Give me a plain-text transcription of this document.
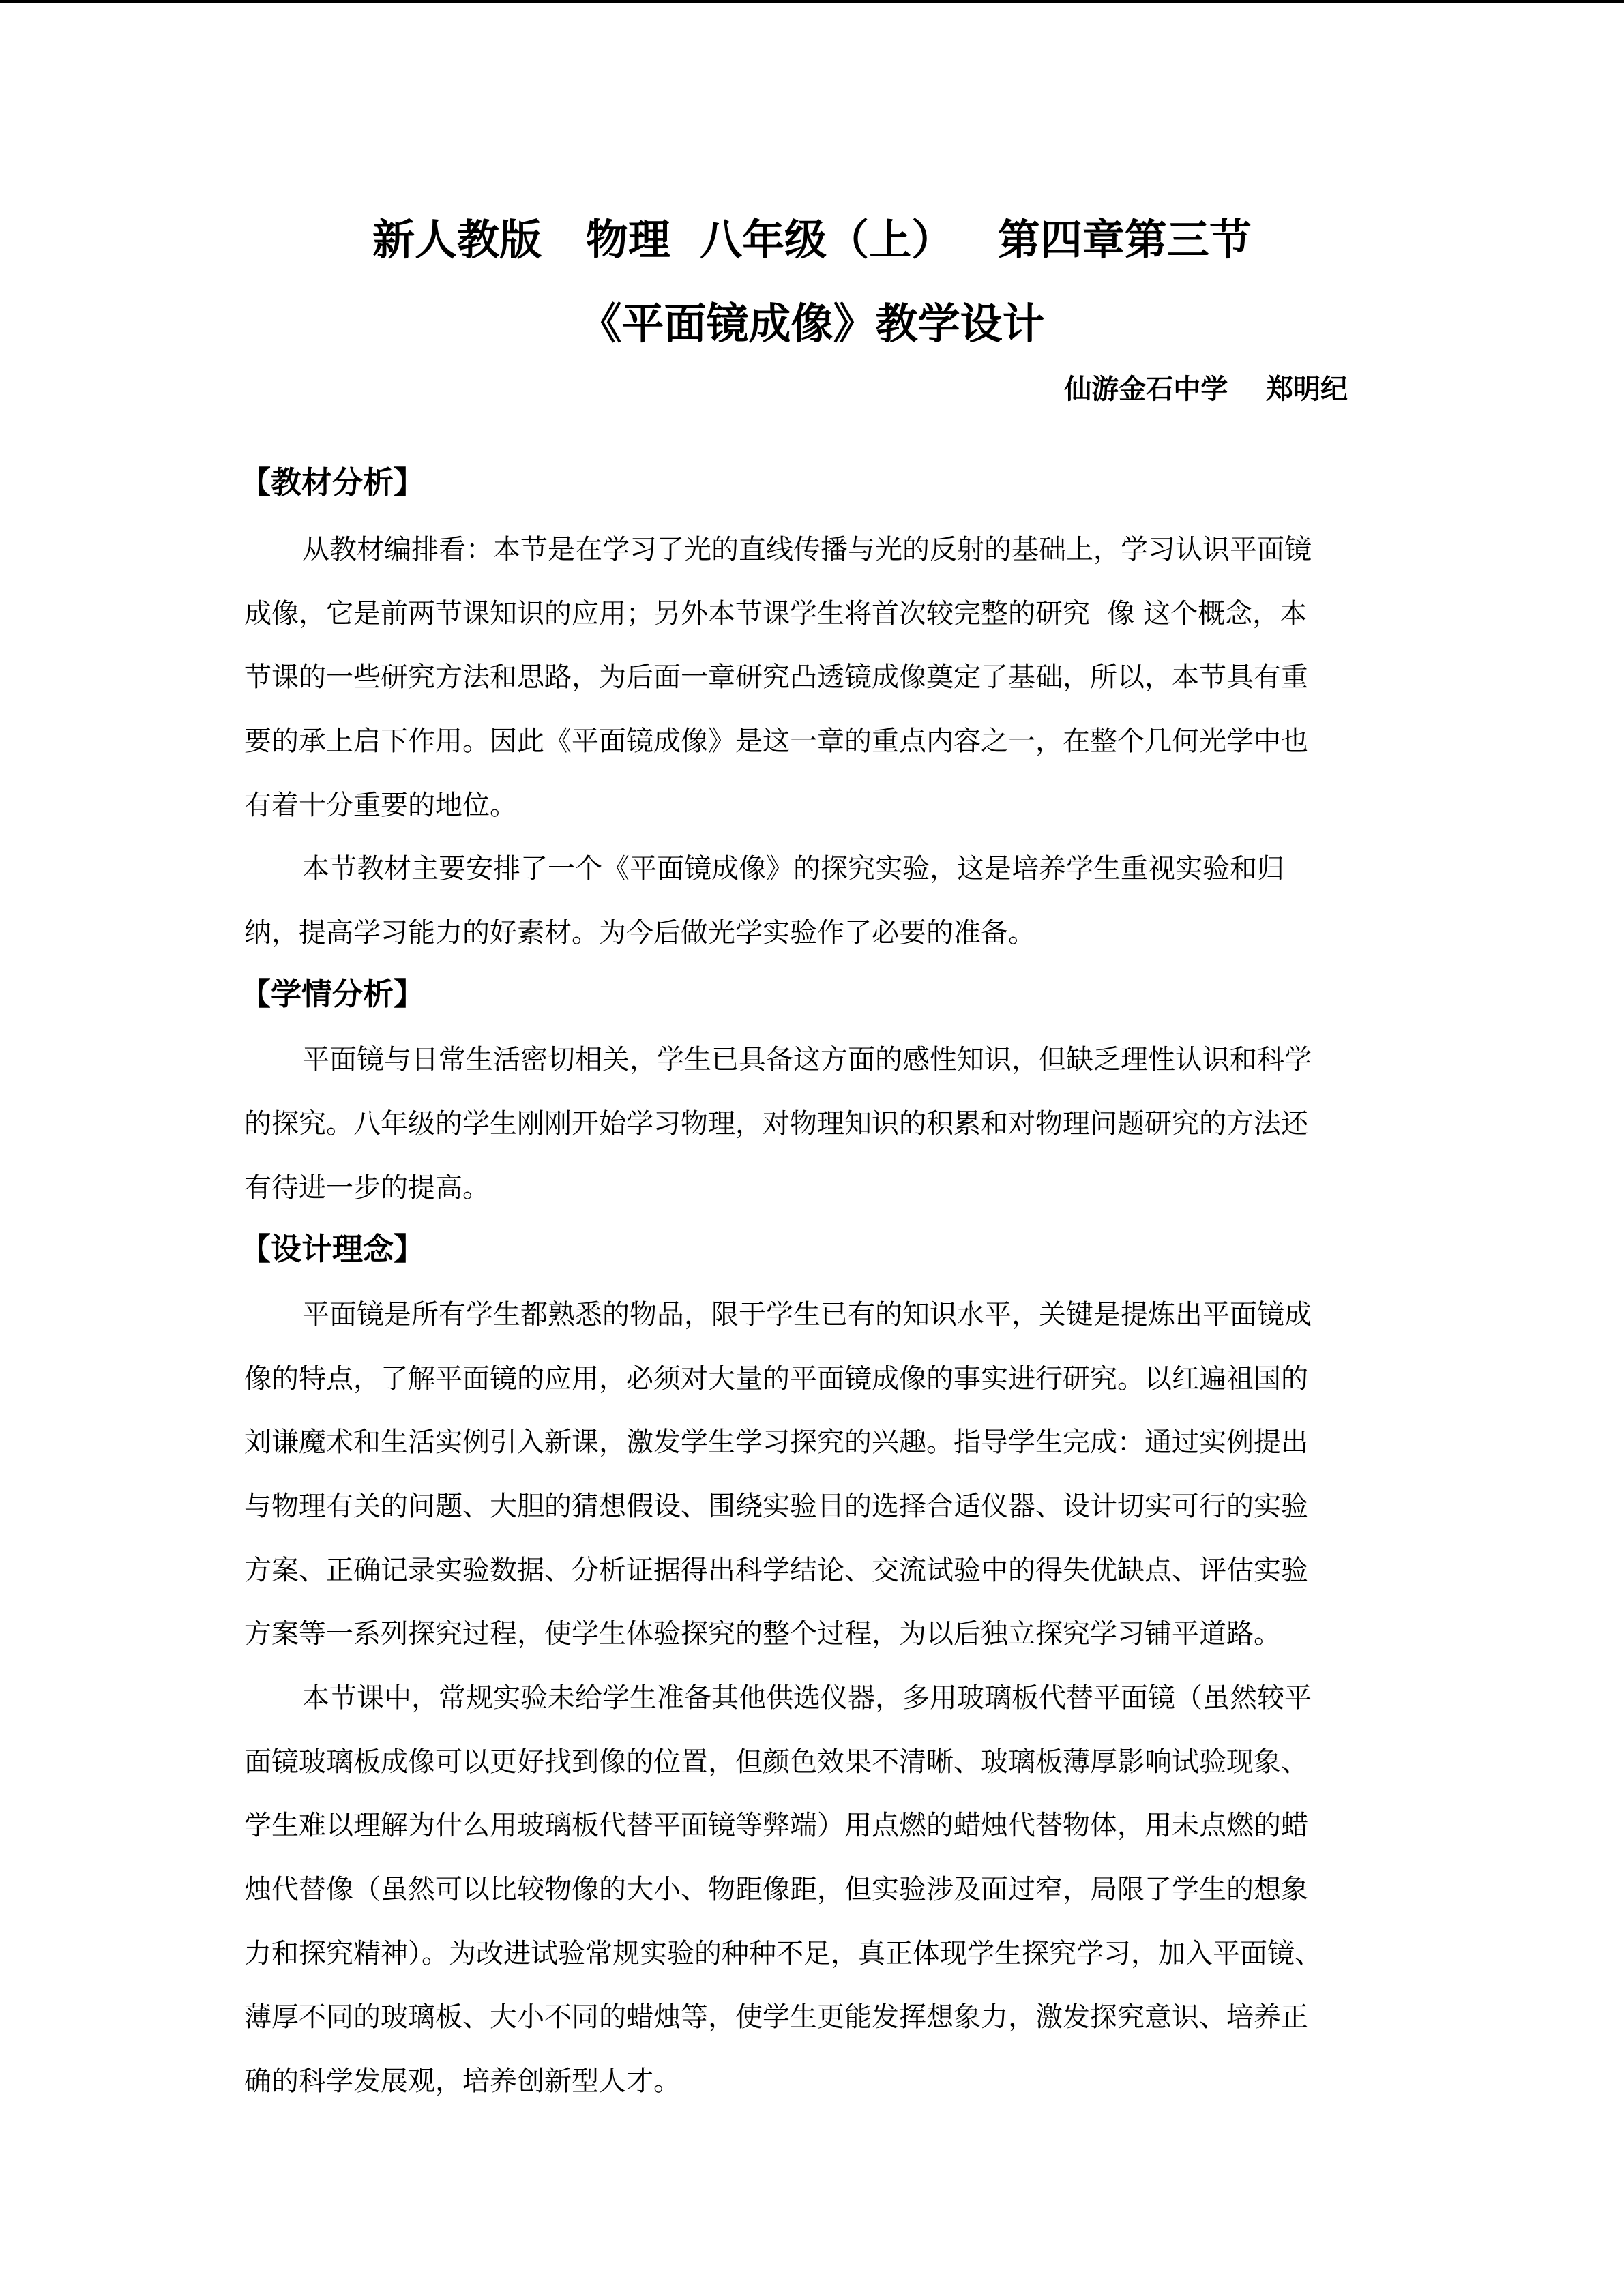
新人教版   物理  八年级（上）   第四章第三节
《平面镜成像》教学设计
仙游金石中学    郑明纪
【教材分析】
从教材编排看：本节是在学习了光的直线传播与光的反射的基础上，学习认识平面镜
成像，它是前两节课知识的应用；另外本节课学生将首次较完整的研究  像 这个概念，本
节课的一些研究方法和思路，为后面一章研究凸透镜成像奠定了基础，所以，本节具有重
要的承上启下作用。因此《平面镜成像》是这一章的重点内容之一，在整个几何光学中也
有着十分重要的地位。
本节教材主要安排了一个《平面镜成像》的探究实验，这是培养学生重视实验和归
纳，提高学习能力的好素材。为今后做光学实验作了必要的准备。
【学情分析】
平面镜与日常生活密切相关，学生已具备这方面的感性知识，但缺乏理性认识和科学
的探究。八年级的学生刚刚开始学习物理，对物理知识的积累和对物理问题研究的方法还
有待进一步的提高。
【设计理念】
平面镜是所有学生都熟悉的物品，限于学生已有的知识水平，关键是提炼出平面镜成
像的特点，了解平面镜的应用，必须对大量的平面镜成像的事实进行研究。以红遍祖国的
刘谦魔术和生活实例引入新课，激发学生学习探究的兴趣。指导学生完成：通过实例提出
与物理有关的问题、大胆的猜想假设、围绕实验目的选择合适仪器、设计切实可行的实验
方案、正确记录实验数据、分析证据得出科学结论、交流试验中的得失优缺点、评估实验
方案等一系列探究过程，使学生体验探究的整个过程，为以后独立探究学习铺平道路。
本节课中，常规实验未给学生准备其他供选仪器，多用玻璃板代替平面镜（虽然较平
面镜玻璃板成像可以更好找到像的位置，但颜色效果不清晰、玻璃板薄厚影响试验现象、
学生难以理解为什么用玻璃板代替平面镜等弊端）用点燃的蜡烛代替物体，用未点燃的蜡
烛代替像（虽然可以比较物像的大小、物距像距，但实验涉及面过窄，局限了学生的想象
力和探究精神）。为改进试验常规实验的种种不足，真正体现学生探究学习，加入平面镜、
薄厚不同的玻璃板、大小不同的蜡烛等，使学生更能发挥想象力，激发探究意识、培养正
确的科学发展观，培养创新型人才。
